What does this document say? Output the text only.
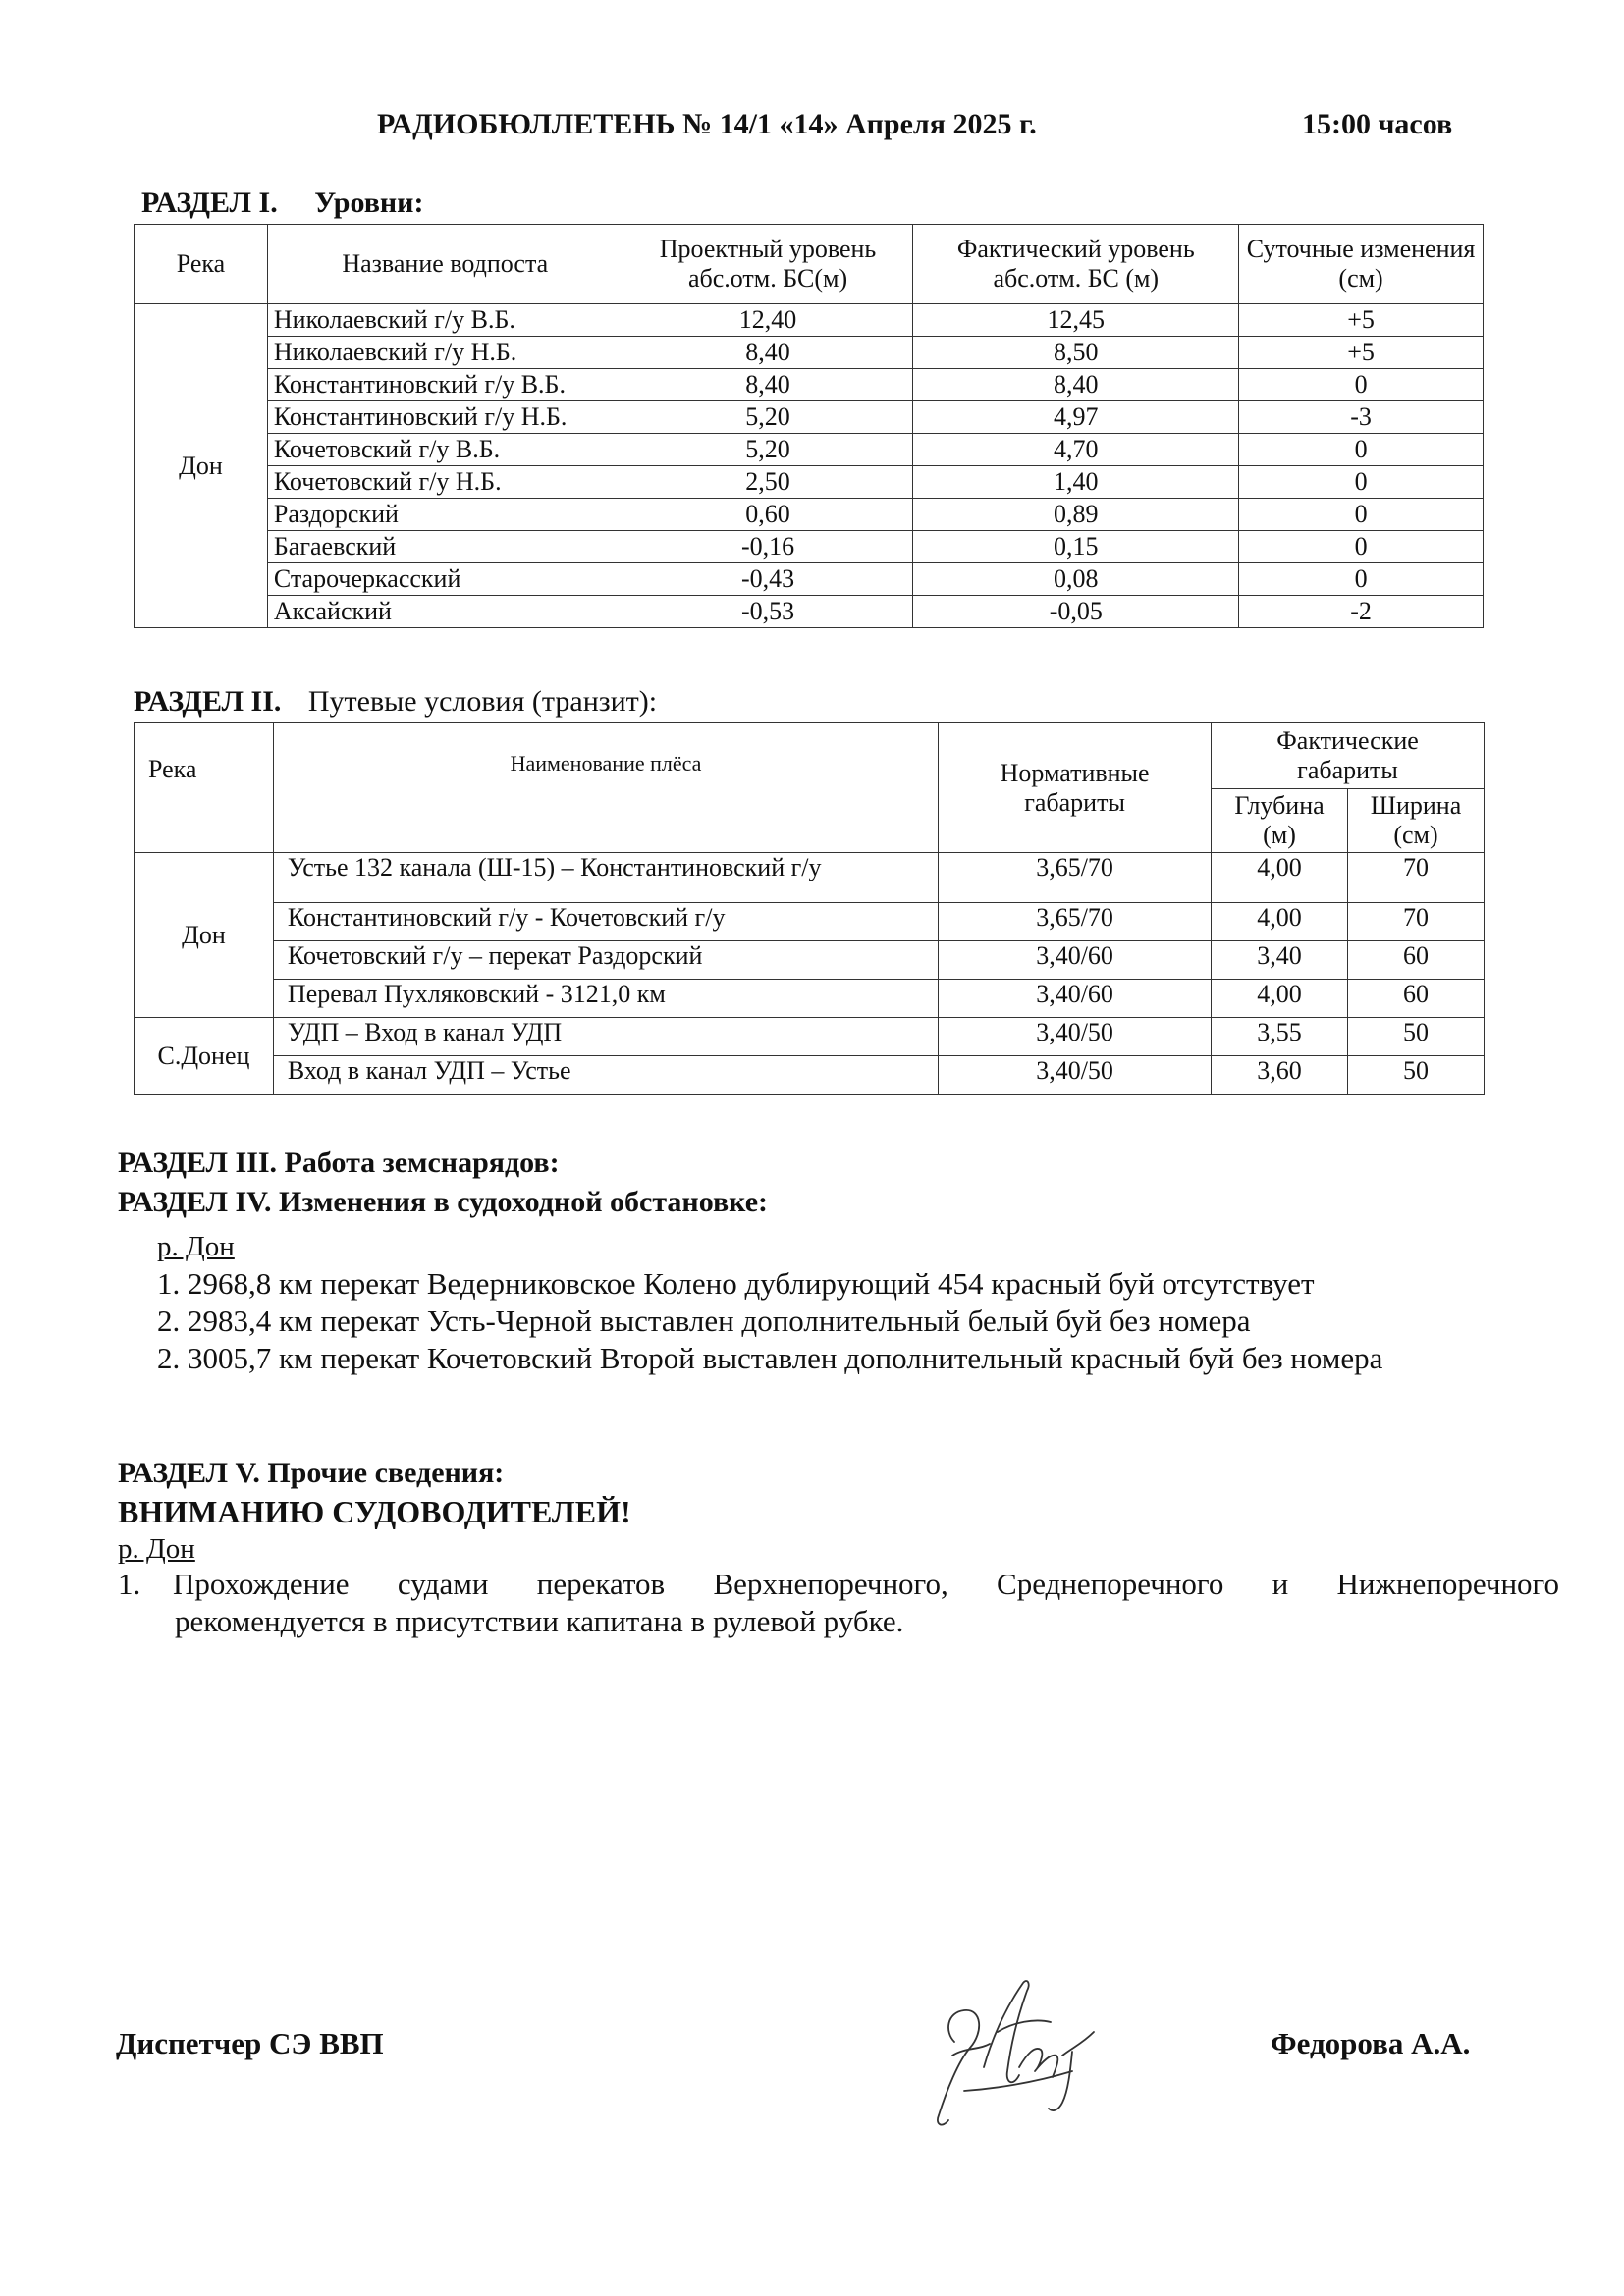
РАДИОБЮЛЛЕТЕНЬ № 14/1 «14» Апреля 2025 г.	15:00 часов
РАЗДЕЛ I. Уровни:
Река	Название водпоста	Проектный уровень абс.отм. БС(м)	Фактический уровень абс.отм. БС (м)	Суточные изменения (см)
Дон	Николаевский г/у В.Б.	12,40	12,45	+5
	Николаевский г/у Н.Б.	8,40	8,50	+5
	Константиновский г/у В.Б.	8,40	8,40	0
	Константиновский г/у Н.Б.	5,20	4,97	-3
	Кочетовский г/у В.Б.	5,20	4,70	0
	Кочетовский г/у Н.Б.	2,50	1,40	0
	Раздорский	0,60	0,89	0
	Багаевский	-0,16	0,15	0
	Старочеркасский	-0,43	0,08	0
	Аксайский	-0,53	-0,05	-2
РАЗДЕЛ II. Путевые условия (транзит):
Река	Наименование плёса	Нормативные габариты	Фактические габариты	
			Глубина (м)	Ширина (см)
Дон	Устье 132 канала (Ш-15) – Константиновский г/у	3,65/70	4,00	70
	Константиновский г/у - Кочетовский г/у	3,65/70	4,00	70
	Кочетовский г/у – перекат Раздорский	3,40/60	3,40	60
	Перевал Пухляковский - 3121,0 км	3,40/60	4,00	60
С.Донец	УДП – Вход в канал УДП	3,40/50	3,55	50
	Вход в канал УДП – Устье	3,40/50	3,60	50
РАЗДЕЛ III. Работа земснарядов:
РАЗДЕЛ IV. Изменения в судоходной обстановке:
р. Дон
1. 2968,8 км перекат Ведерниковское Колено дублирующий 454 красный буй отсутствует
2. 2983,4 км перекат Усть-Черной выставлен дополнительный белый буй без номера
2. 3005,7 км перекат Кочетовский Второй выставлен дополнительный красный буй без номера
РАЗДЕЛ V. Прочие сведения:
ВНИМАНИЮ СУДОВОДИТЕЛЕЙ!
р. Дон
1. Прохождение судами перекатов Верхнепоречного, Среднепоречного и Нижнепоречного
рекомендуется в присутствии капитана в рулевой рубке.
Диспетчер СЭ ВВП	Федорова А.А.
